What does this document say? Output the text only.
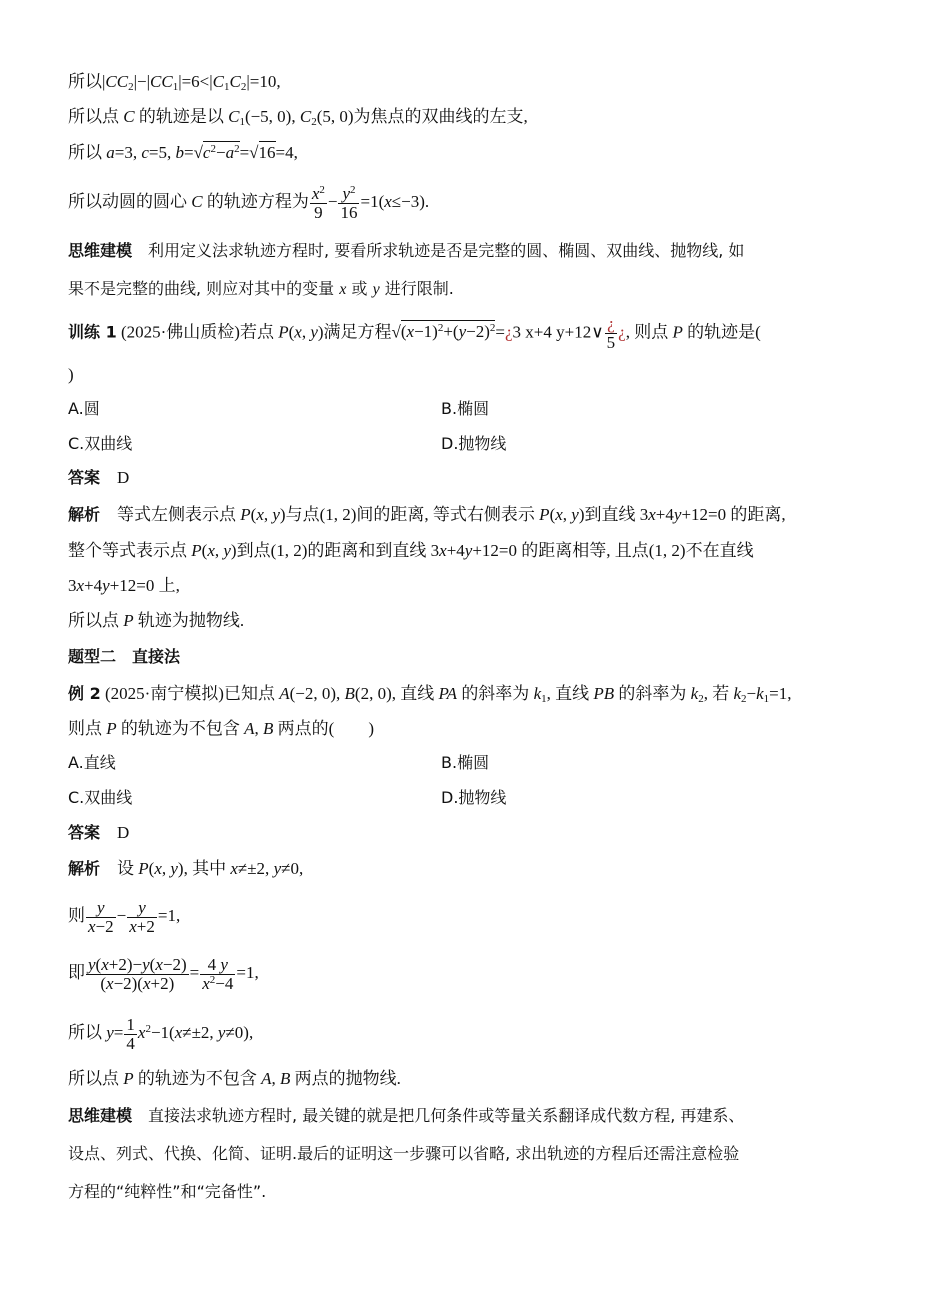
所以$|CC_2|-|CC_1|=6<|C_1C_2|=10$,
所以点 C 的轨迹是以 $C_1(-5$, 0), $C_2(5$, 0)为焦点的双曲线的左支,
所以 a=3, c=5, $b=√c^2-a^2=√16=4$,
所以动圆的圆心 C 的轨迹方程为 $\frac{x^2}{9} - \frac{y^2}{16} =1(x\le-3)$.
思维建模　 利用定义法求轨迹方程时, 要看所求轨迹是否是完整的圆、椭圆、双曲线、抛物线, 如
果不是完整的曲线, 则应对其中的变量 x 或 y 进行限制.
训练 1 (2025·佛山质检)若点 P(x, y)满足方程$√(x-1)^2+(y-2)^2=¿3$ x+4 y+12∨ $\frac{¿}{5}$ ¿, 则点 P 的轨迹是(
)
A.圆	B.椭圆
C.双曲线	D.抛物线
答案　 D
解析　 等式左侧表示点 P(x, y)与点(1, 2)间的距离, 等式右侧表示 P(x, y)到直线 3x+4y+12=0 的距离,
整个等式表示点 P(x, y)到点(1, 2)的距离和到直线 3x+4y+12=0 的距离相等, 且点(1, 2)不在直线
3x+4y+12=0 上,
所以点 P 轨迹为抛物线.
题型二　直接法
例 2 (2025·南宁模拟)已知点 A(−2, 0), B(2, 0), 直线 PA 的斜率为 $k_1$, 直线 PB 的斜率为 $k_2$, 若 $k_2-k_1=1$,
则点 P 的轨迹为不包含 A, B 两点的(　　)
A.直线	B.椭圆
C.双曲线	D.抛物线
答案　 D
解析　 设 P(x, y), 其中 x≠±2, y≠0,
则 $\frac{y}{x-2} - \frac{y}{x+2} =1$,
即 $\frac{y(x+2)-y(x-2)}{(x-2)(x+2)} = \frac{4 y}{x^2-4} =1$,
所以 $y= \frac{1}{4} x^2-1(x\ne\pm 2$, y≠0),
所以点 P 的轨迹为不包含 A, B 两点的抛物线.
思维建模　 直接法求轨迹方程时, 最关键的就是把几何条件或等量关系翻译成代数方程, 再建系、
设点、列式、代换、化简、证明.最后的证明这一步骤可以省略, 求出轨迹的方程后还需注意检验
方程的“纯粹性”和“完备性”.
